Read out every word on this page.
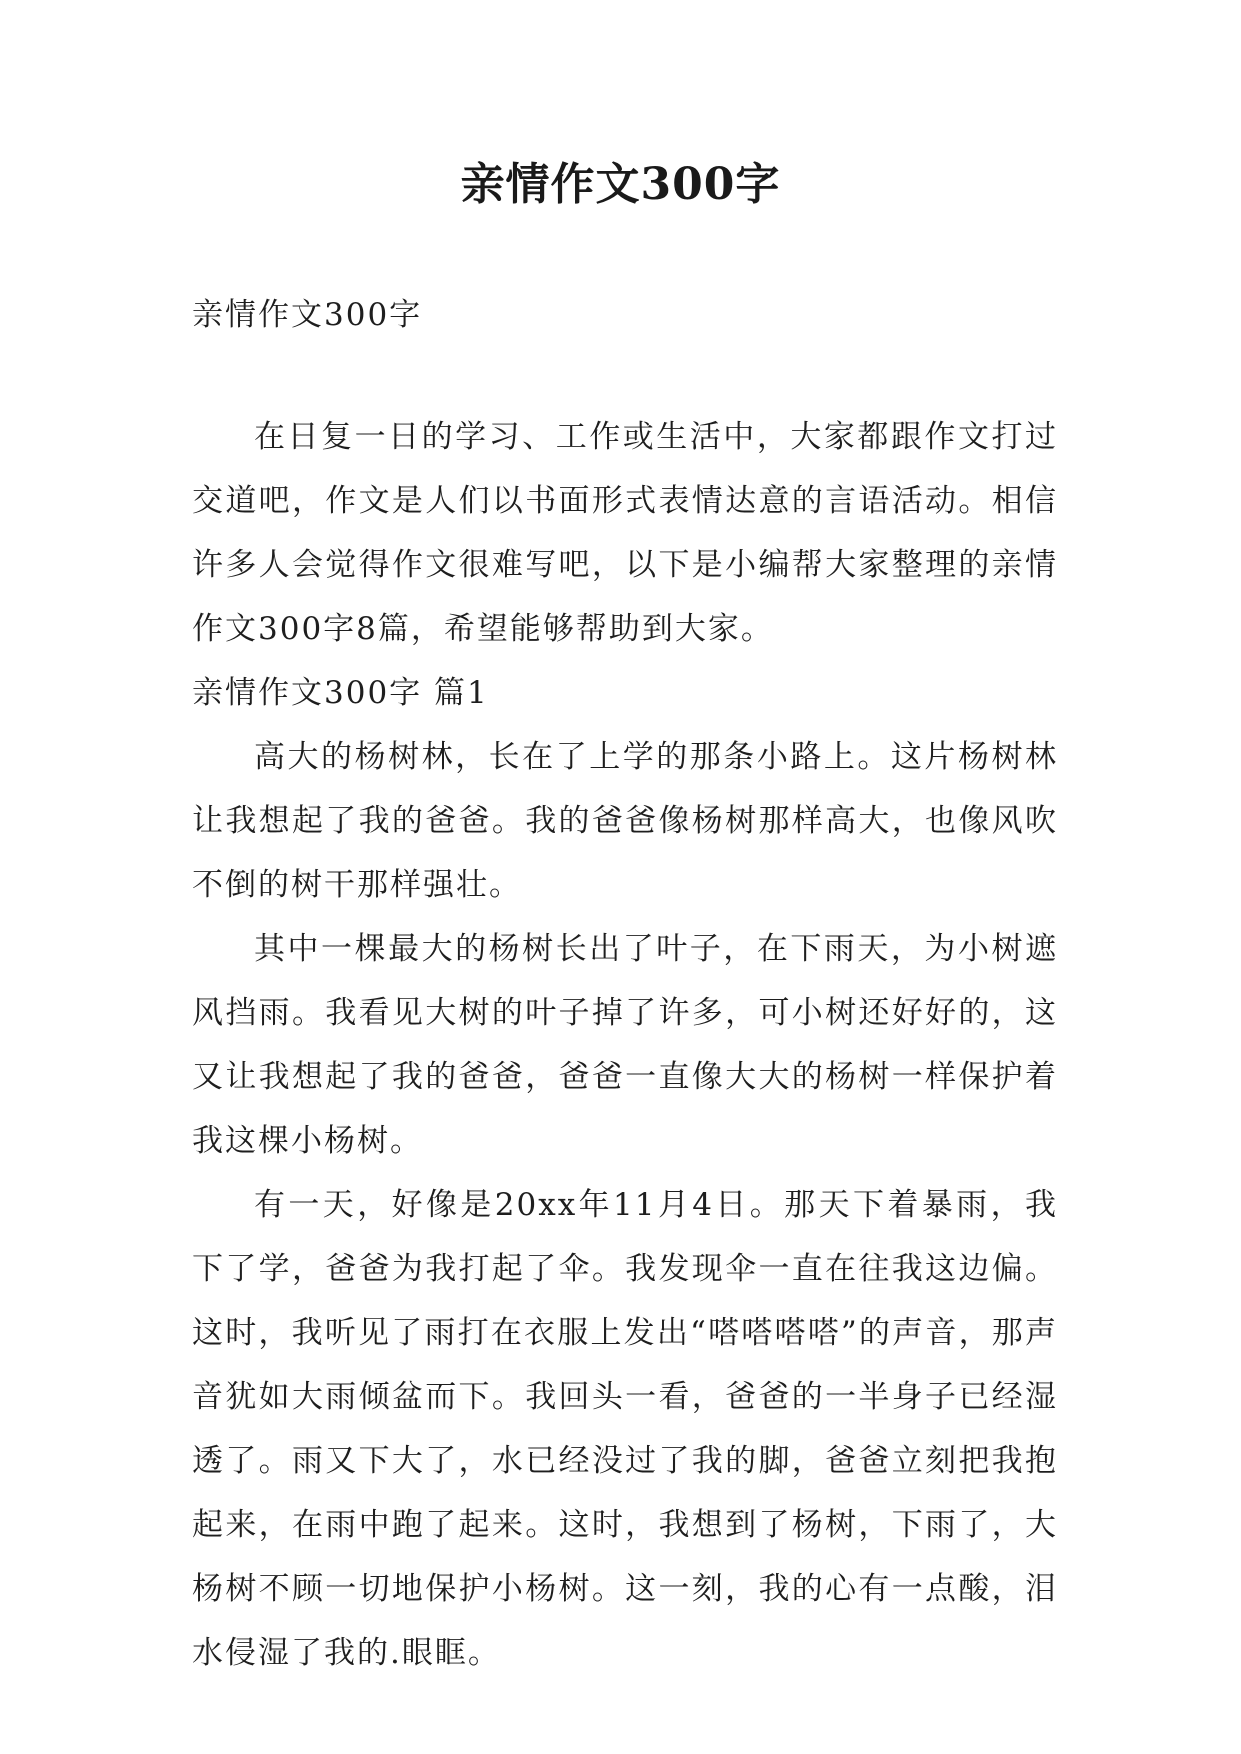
亲情作文300字
亲情作文300字

在日复一日的学习、工作或生活中，大家都跟作文打过交道吧，作文是人们以书面形式表情达意的言语活动。相信许多人会觉得作文很难写吧，以下是小编帮大家整理的亲情作文300字8篇，希望能够帮助到大家。

亲情作文300字 篇1

高大的杨树林，长在了上学的那条小路上。这片杨树林让我想起了我的爸爸。我的爸爸像杨树那样高大，也像风吹不倒的树干那样强壮。

其中一棵最大的杨树长出了叶子，在下雨天，为小树遮风挡雨。我看见大树的叶子掉了许多，可小树还好好的，这又让我想起了我的爸爸，爸爸一直像大大的杨树一样保护着我这棵小杨树。

有一天，好像是20xx年11月4日。那天下着暴雨，我下了学，爸爸为我打起了伞。我发现伞一直在往我这边偏。这时，我听见了雨打在衣服上发出“嗒嗒嗒嗒”的声音，那声音犹如大雨倾盆而下。我回头一看，爸爸的一半身子已经湿透了。雨又下大了，水已经没过了我的脚，爸爸立刻把我抱起来，在雨中跑了起来。这时，我想到了杨树，下雨了，大杨树不顾一切地保护小杨树。这一刻，我的心有一点酸，泪水侵湿了我的.眼眶。
